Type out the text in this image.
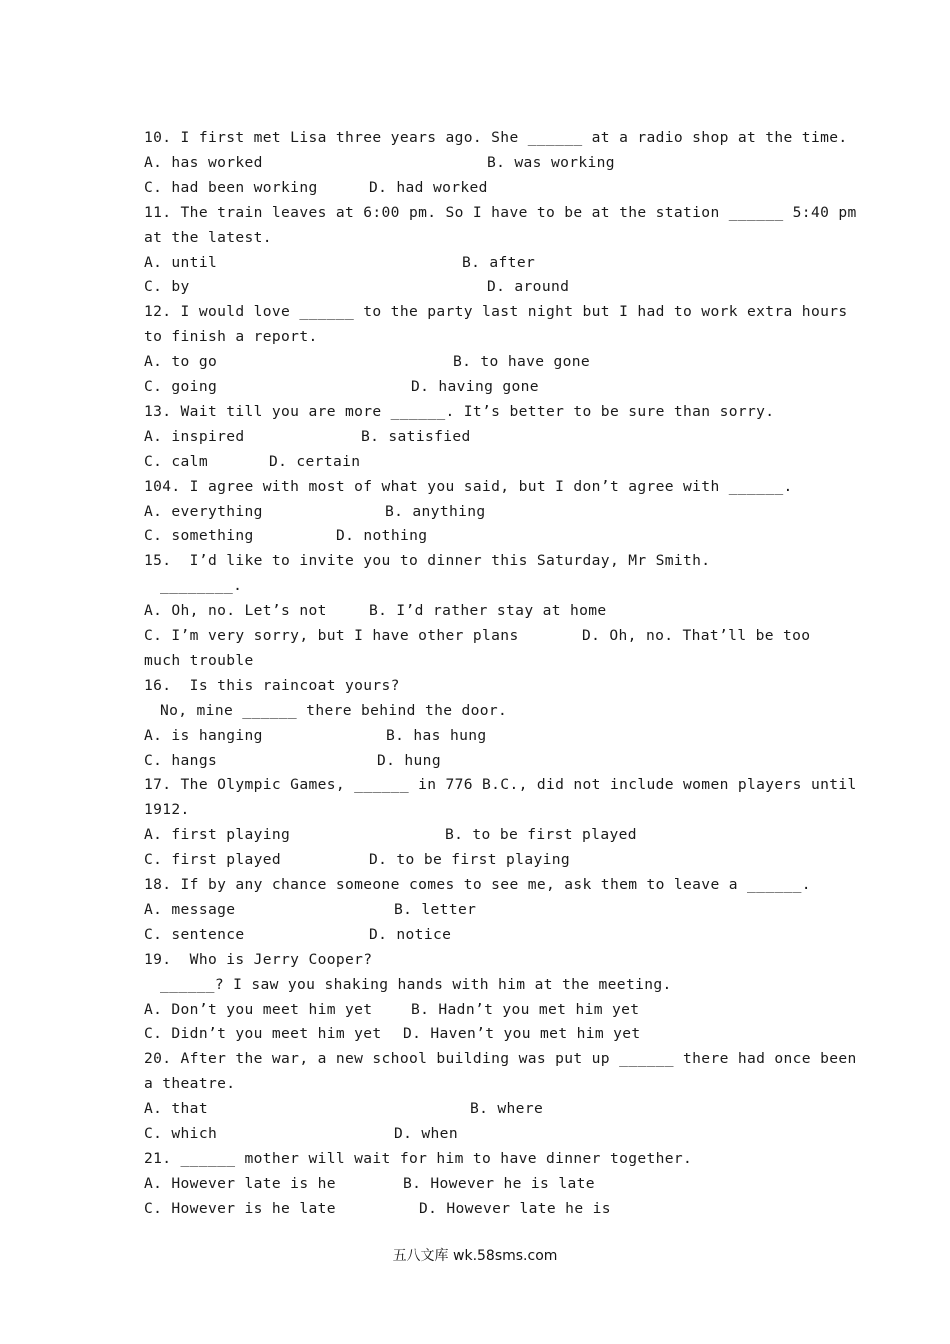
五八文库 wk.58sms.com
10. I first met Lisa three years ago. She ______ at a radio shop at the time.
A. has worked	B. was working
C. had been working	D. had worked
11. The train leaves at 6:00 pm. So I have to be at the station ______ 5:40 pm
at the latest.
A. until	B. after
C. by	D. around
12. I would love ______ to the party last night but I had to work extra hours
to finish a report.
A. to go	B. to have gone
C. going	D. having gone
13. Wait till you are more ______. It’s better to be sure than sorry.
A. inspired	B. satisfied
C. calm	D. certain
104. I agree with most of what you said, but I don’t agree with ______.
A. everything	B. anything
C. something	D. nothing
15.  I’d like to invite you to dinner this Saturday, Mr Smith.
________.
A. Oh, no. Let’s not	B. I’d rather stay at home
C. I’m very sorry, but I have other plans	D. Oh, no. That’ll be too
much trouble
16.  Is this raincoat yours?
No, mine ______ there behind the door.
A. is hanging	B. has hung
C. hangs	D. hung
17. The Olympic Games, ______ in 776 B.C., did not include women players until
1912.
A. first playing	B. to be first played
C. first played	D. to be first playing
18. If by any chance someone comes to see me, ask them to leave a ______.
A. message	B. letter
C. sentence	D. notice
19.  Who is Jerry Cooper?
______? I saw you shaking hands with him at the meeting.
A. Don’t you meet him yet	B. Hadn’t you met him yet
C. Didn’t you meet him yet D. Haven’t you met him yet
20. After the war, a new school building was put up ______ there had once been
a theatre.
A. that	B. where
C. which	D. when
21. ______ mother will wait for him to have dinner together.
A. However late is he	B. However he is late
C. However is he late	D. However late he is
